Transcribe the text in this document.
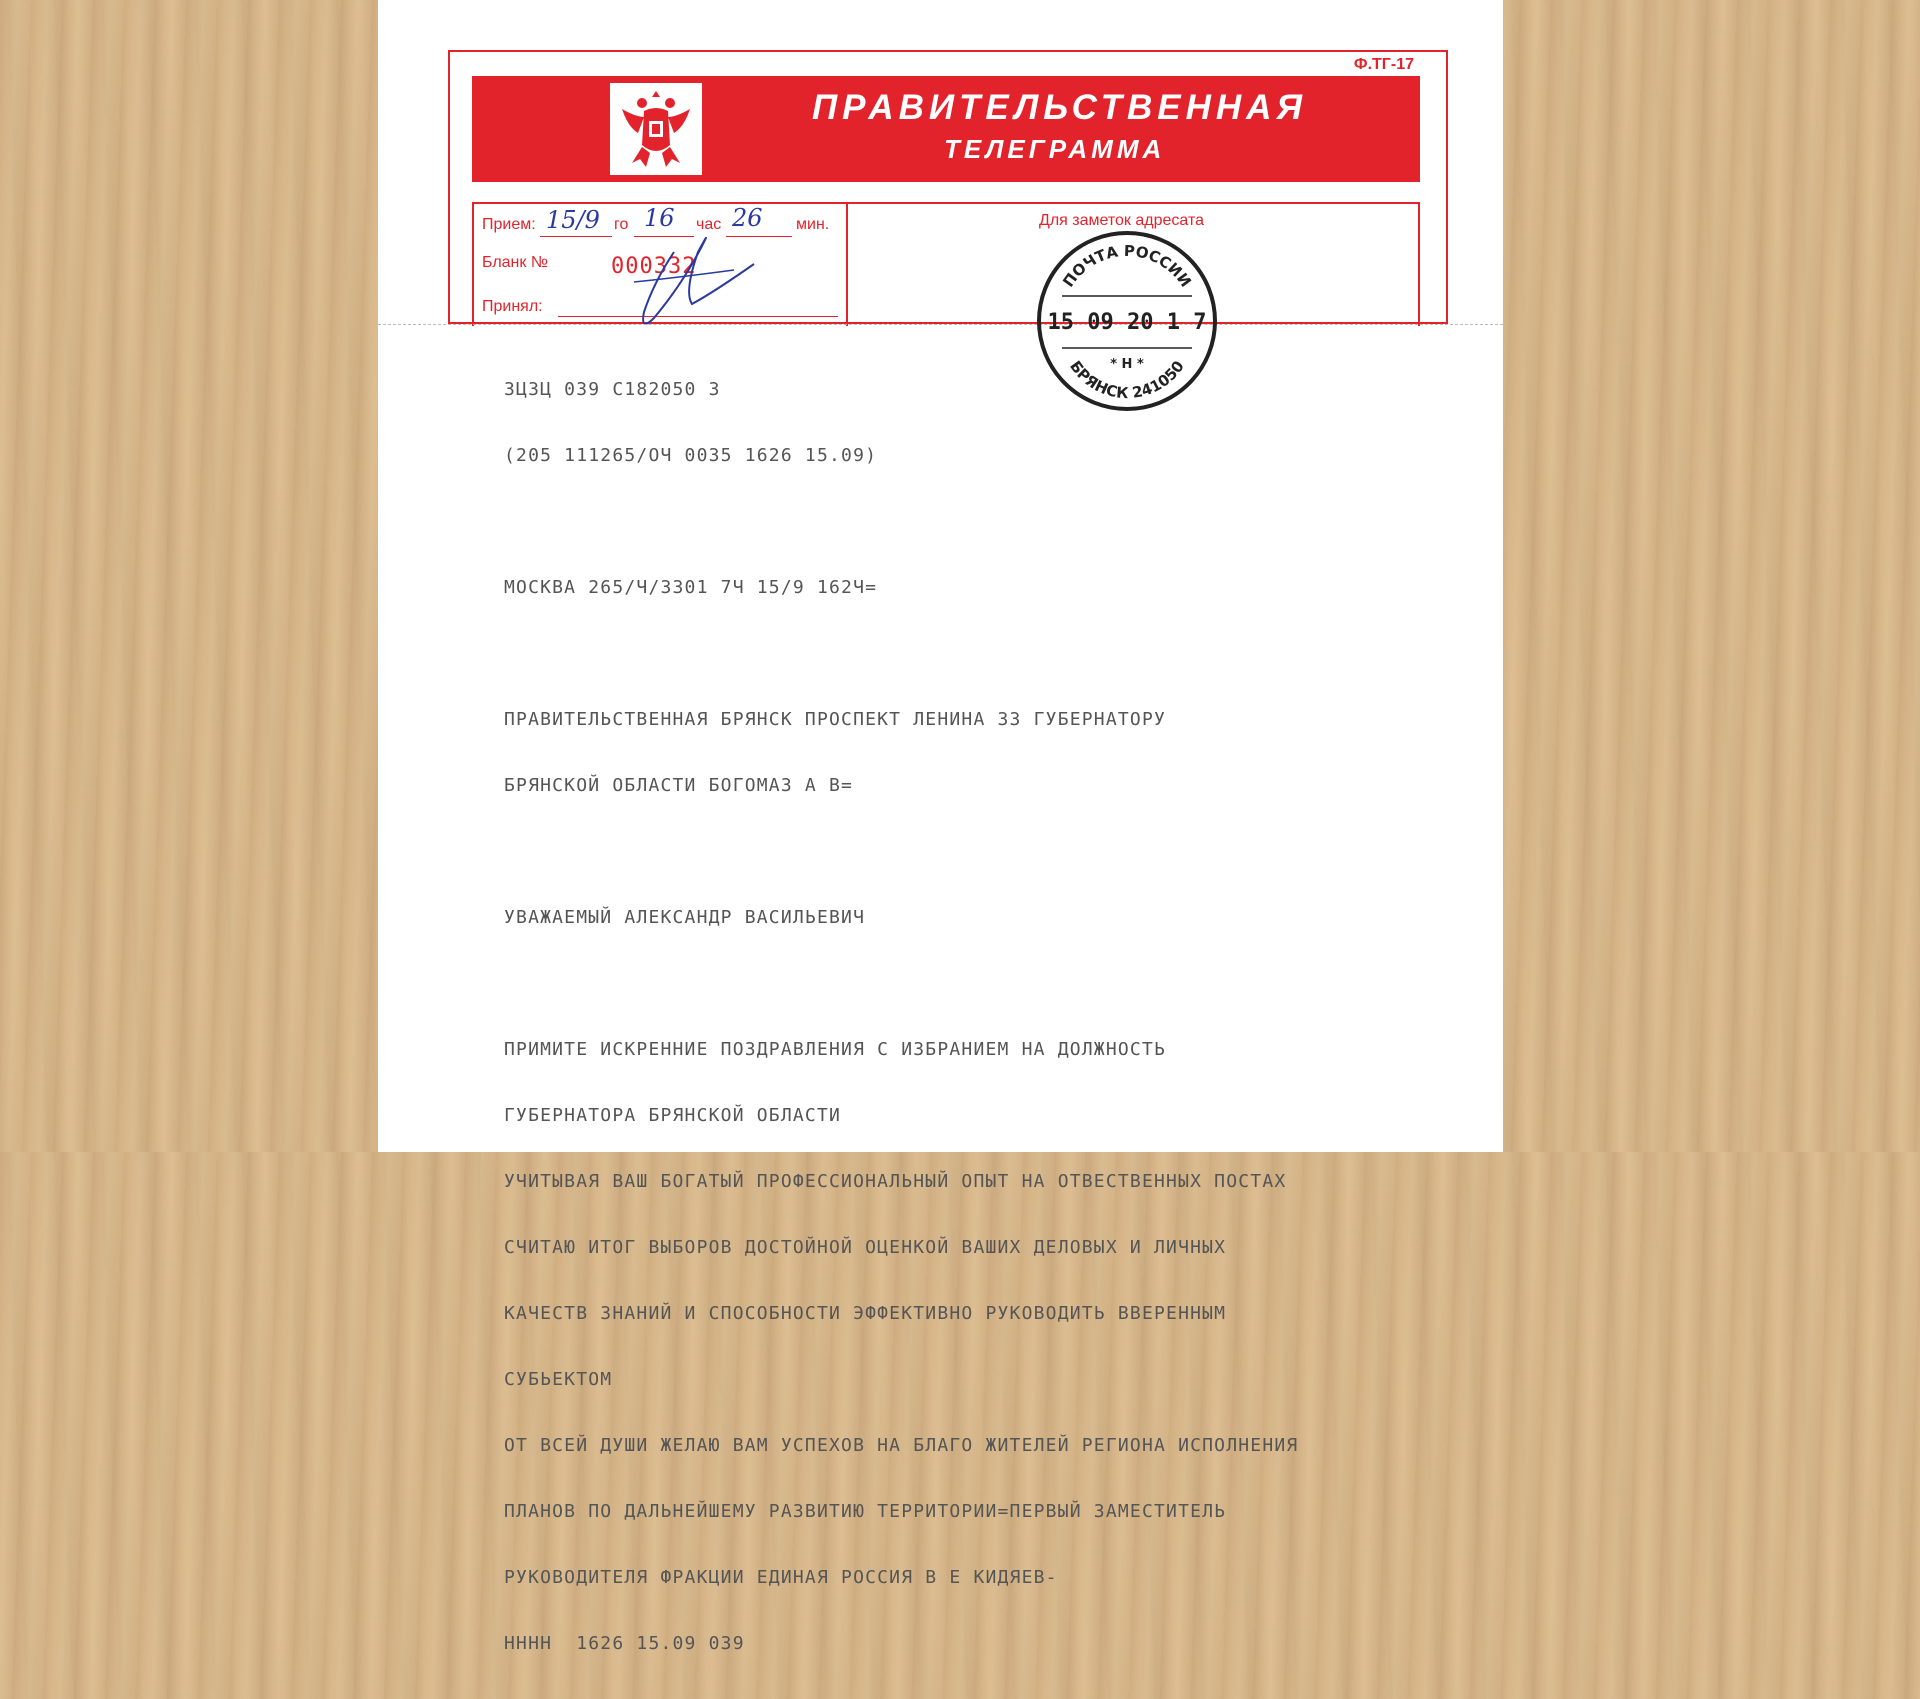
Ф.ТГ-17
ПРАВИТЕЛЬСТВЕННАЯ
ТЕЛЕГРАММА
Прием: 15/9 го 16 час 26 мин.
Бланк №	000332
Принял:
Для заметок адресата

ЗЦЗЦ 039 С182050 З

(205 111265/ОЧ 0035 1626 15.09)

МОСКВА 265/Ч/3301 7Ч 15/9 162Ч=

ПРАВИТЕЛЬСТВЕННАЯ БРЯНСК ПРОСПЕКТ ЛЕНИНА 33 ГУБЕРНАТОРУ

БРЯНСКОЙ ОБЛАСТИ БОГОМАЗ А В=

УВАЖАЕМЫЙ АЛЕКСАНДР ВАСИЛЬЕВИЧ

ПРИМИТЕ ИСКРЕННИЕ ПОЗДРАВЛЕНИЯ С ИЗБРАНИЕМ НА ДОЛЖНОСТЬ

ГУБЕРНАТОРА БРЯНСКОЙ ОБЛАСТИ

УЧИТЫВАЯ ВАШ БОГАТЫЙ ПРОФЕССИОНАЛЬНЫЙ ОПЫТ НА ОТВЕСТВЕННЫХ ПОСТАХ

СЧИТАЮ ИТОГ ВЫБОРОВ ДОСТОЙНОЙ ОЦЕНКОЙ ВАШИХ ДЕЛОВЫХ И ЛИЧНЫХ

КАЧЕСТВ ЗНАНИЙ И СПОСОБНОСТИ ЭФФЕКТИВНО РУКОВОДИТЬ ВВЕРЕННЫМ

СУБЬЕКТОМ

ОТ ВСЕЙ ДУШИ ЖЕЛАЮ ВАМ УСПЕХОВ НА БЛАГО ЖИТЕЛЕЙ РЕГИОНА ИСПОЛНЕНИЯ

ПЛАНОВ ПО ДАЛЬНЕЙШЕМУ РАЗВИТИЮ ТЕРРИТОРИИ=ПЕРВЫЙ ЗАМЕСТИТЕЛЬ

РУКОВОДИТЕЛЯ ФРАКЦИИ ЕДИНАЯ РОССИЯ В Е КИДЯЕВ-

НННН  1626 15.09 039

ПОЧТА РОССИИ
15 09 20 1 7
* Н *
БРЯНСК 241050
